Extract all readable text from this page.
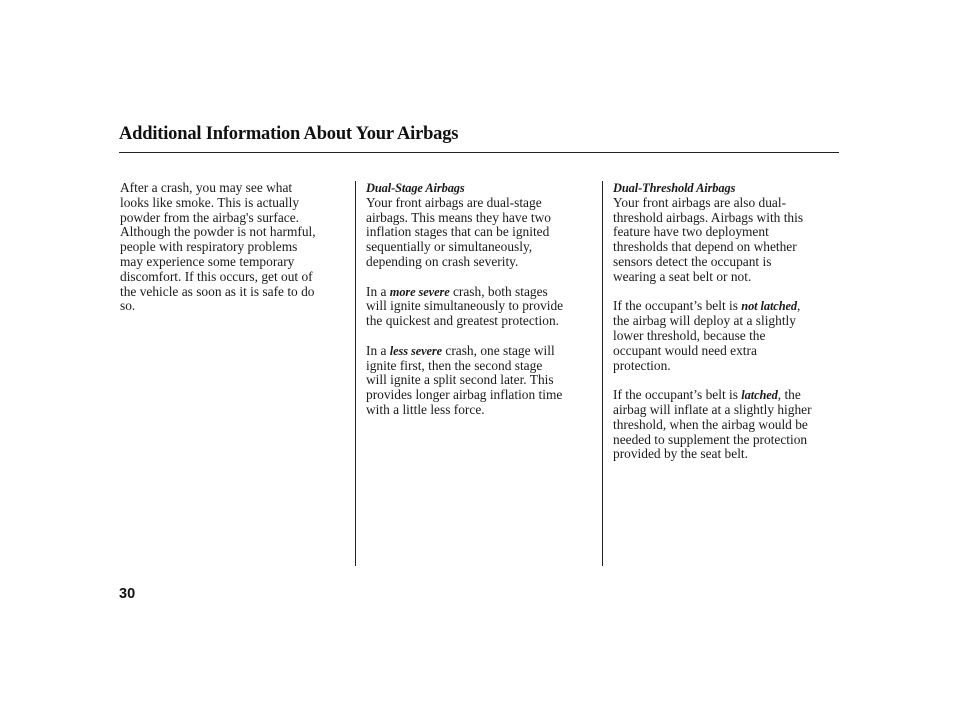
Additional Information About Your Airbags

After a crash, you may see what
looks like smoke. This is actually
powder from the airbag's surface.
Although the powder is not harmful,
people with respiratory problems
may experience some temporary
discomfort. If this occurs, get out of
the vehicle as soon as it is safe to do
so.

Dual-Stage Airbags

Your front airbags are dual-stage
airbags. This means they have two
inflation stages that can be ignited
sequentially or simultaneously,
depending on crash severity.

In a more severe crash, both stages
will ignite simultaneously to provide
the quickest and greatest protection.

In a less severe crash, one stage will
ignite first, then the second stage
will ignite a split second later. This
provides longer airbag inflation time
with a little less force.

Dual-Threshold Airbags

Your front airbags are also dual-
threshold airbags. Airbags with this
feature have two deployment
thresholds that depend on whether
sensors detect the occupant is
wearing a seat belt or not.

If the occupant’s belt is not latched,
the airbag will deploy at a slightly
lower threshold, because the
occupant would need extra
protection.

If the occupant’s belt is latched, the
airbag will inflate at a slightly higher
threshold, when the airbag would be
needed to supplement the protection
provided by the seat belt.

30
